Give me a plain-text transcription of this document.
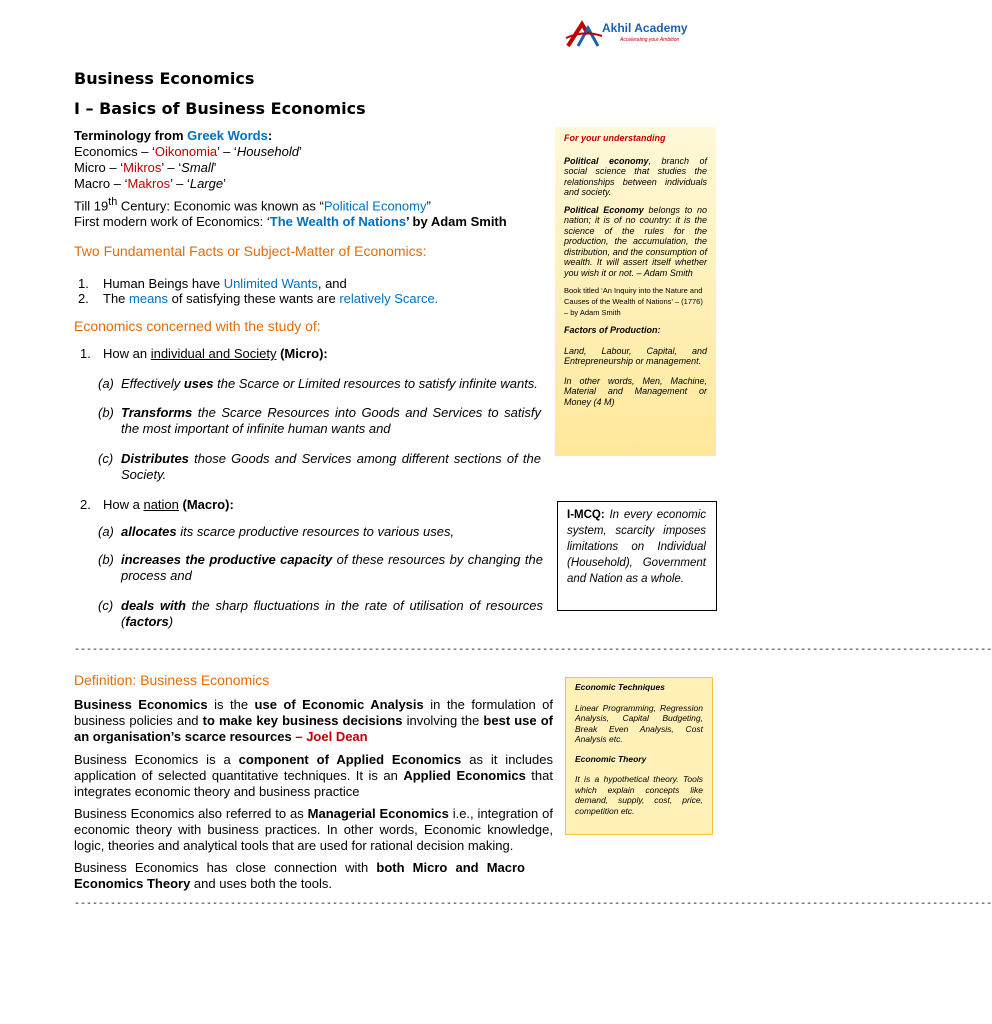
Akhil Academy
Accelerating your Ambition
Business Economics
I – Basics of Business Economics
Terminology from Greek Words:
Economics – ‘Oikonomia’ – ‘Household’
Micro – ‘Mikros’ – ‘Small’
Macro – ‘Makros’ – ‘Large’
Till 19th Century: Economic was known as “Political Economy”
First modern work of Economics: ‘The Wealth of Nations’ by Adam Smith
Two Fundamental Facts or Subject-Matter of Economics:
1. Human Beings have Unlimited Wants, and
2. The means of satisfying these wants are relatively Scarce.
Economics concerned with the study of:
1. How an individual and Society (Micro):
(a) Effectively uses the Scarce or Limited resources to satisfy infinite wants.
(b) Transforms the Scarce Resources into Goods and Services to satisfy the most important of infinite human wants and
(c) Distributes those Goods and Services among different sections of the Society.
2. How a nation (Macro):
(a) allocates its scarce productive resources to various uses,
(b) increases the productive capacity of these resources by changing the process and
(c) deals with the sharp fluctuations in the rate of utilisation of resources (factors)

For your understanding

Political economy, branch of social science that studies the relationships between individuals and society.

Political Economy belongs to no nation; it is of no country: it is the science of the rules for the production, the accumulation, the distribution, and the consumption of wealth. It will assert itself whether you wish it or not. – Adam Smith

Book titled ‘An Inquiry into the Nature and Causes of the Wealth of Nations’ – (1776) – by Adam Smith

Factors of Production:

Land, Labour, Capital, and Entrepreneurship or management.

In other words, Men, Machine, Material and Management or Money (4 M)

I-MCQ: In every economic system, scarcity imposes limitations on Individual (Household), Government and Nation as a whole.
---------------------------------------------------------------------------------------------------------------------------------------------------------
Definition: Business Economics
Business Economics is the use of Economic Analysis in the formulation of business policies and to make key business decisions involving the best use of an organisation’s scarce resources – Joel Dean
Business Economics is a component of Applied Economics as it includes application of selected quantitative techniques. It is an Applied Economics that integrates economic theory and business practice
Business Economics also referred to as Managerial Economics i.e., integration of economic theory with business practices. In other words, Economic knowledge, logic, theories and analytical tools that are used for rational decision making.
Business Economics has close connection with both Micro and Macro Economics Theory and uses both the tools.

Economic Techniques

Linear Programming, Regression Analysis, Capital Budgeting, Break Even Analysis, Cost Analysis etc.

Economic Theory

It is a hypothetical theory. Tools which explain concepts like demand, supply, cost, price, competition etc.

---------------------------------------------------------------------------------------------------------------------------------------------------------
